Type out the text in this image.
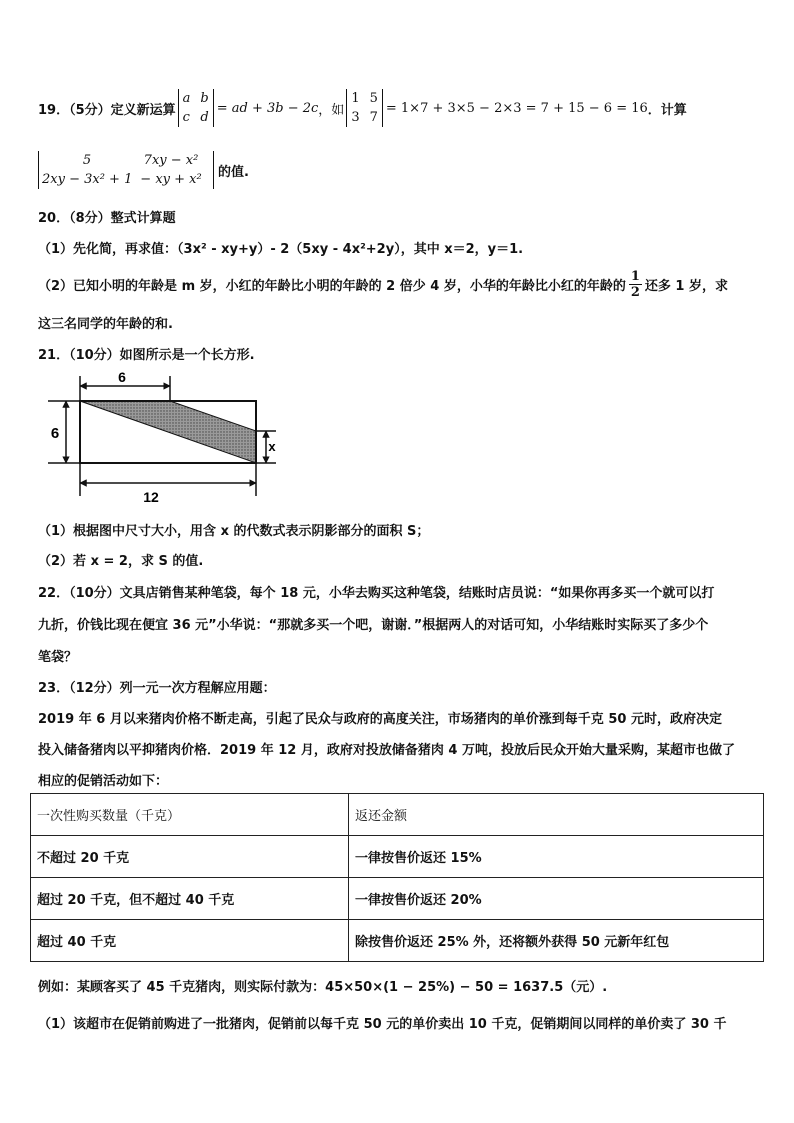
19．（5分）定义新运算
a b
c d
= ad + 3b − 2c ，如
1 5
3 7
= 1×7 + 3×5 − 2×3 = 7 + 15 − 6 = 16 ．计算
5	7xy − x²
2xy − 3x² + 1 − xy + x²	的值.
20．（8分）整式计算题
（1）先化简，再求值：（3x² - xy+y）- 2（5xy - 4x²+2y），其中 x＝2，y＝1.
（2）已知小明的年龄是 m 岁，小红的年龄比小明的年龄的 2 倍少 4 岁，小华的年龄比小红的年龄的 $\frac{1}{2}$ 还多 1 岁，求
这三名同学的年龄的和.
21．（10分）如图所示是一个长方形.
6
6
x
12
（1）根据图中尺寸大小，用含 x 的代数式表示阴影部分的面积 S；
（2）若 x = 2，求 S 的值.
22．（10分）文具店销售某种笔袋，每个 18 元，小华去购买这种笔袋，结账时店员说：“如果你再多买一个就可以打
九折，价钱比现在便宜 36 元”小华说：“那就多买一个吧，谢谢．”根据两人的对话可知，小华结账时实际买了多少个
笔袋？
23．（12分）列一元一次方程解应用题：
2019 年 6 月以来猪肉价格不断走高，引起了民众与政府的高度关注，市场猪肉的单价涨到每千克 50 元时，政府决定
投入储备猪肉以平抑猪肉价格．2019 年 12 月，政府对投放储备猪肉 4 万吨，投放后民众开始大量采购，某超市也做了
相应的促销活动如下：
一次性购买数量（千克）	返还金额
不超过 20 千克	一律按售价返还 15%
超过 20 千克，但不超过 40 千克	一律按售价返还 20%
超过 40 千克	除按售价返还 25% 外，还将额外获得 50 元新年红包
例如：某顾客买了 45 千克猪肉，则实际付款为：45×50×(1 − 25%) − 50 = 1637.5（元）.
（1）该超市在促销前购进了一批猪肉，促销前以每千克 50 元的单价卖出 10 千克，促销期间以同样的单价卖了 30 千
